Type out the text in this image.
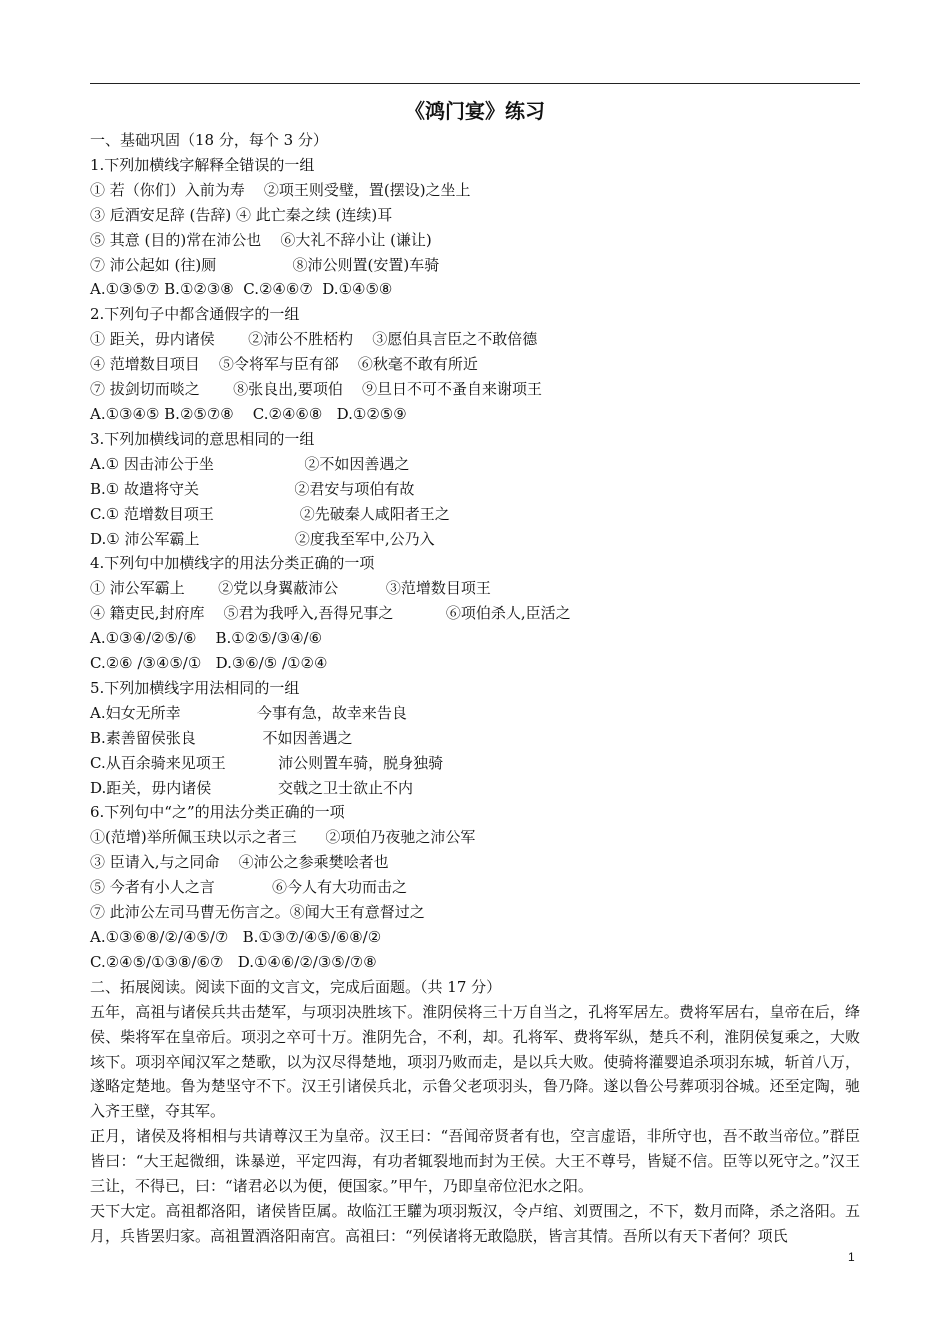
《鸿门宴》练习
一、基础巩固（18 分，每个 3 分）
1.下列加横线字解释全错误的一组
① 若（你们）入前为寿    ②项王则受璧，置(摆设)之坐上
③ 卮酒安足辞 (告辞) ④ 此亡秦之续 (连续)耳
⑤ 其意 (目的)常在沛公也    ⑥大礼不辞小让 (谦让)
⑦ 沛公起如 (往)厕                ⑧沛公则置(安置)车骑
A.①③⑤⑦ B.①②③⑧  C.②④⑥⑦  D.①④⑤⑧
2.下列句子中都含通假字的一组
① 距关，毋内诸侯       ②沛公不胜桮杓    ③愿伯具言臣之不敢倍德
④ 范增数目项目    ⑤令将军与臣有郤    ⑥秋毫不敢有所近
⑦ 拔剑切而啖之       ⑧张良出,要项伯    ⑨旦日不可不蚤自来谢项王
A.①③④⑤ B.②⑤⑦⑧    C.②④⑥⑧   D.①②⑤⑨
3.下列加横线词的意思相同的一组
A.① 因击沛公于坐                   ②不如因善遇之
B.① 故遣将守关                    ②君安与项伯有故
C.① 范增数目项王                  ②先破秦人咸阳者王之
D.① 沛公军霸上                    ②度我至军中,公乃入
4.下列句中加横线字的用法分类正确的一项
① 沛公军霸上       ②党以身翼蔽沛公          ③范增数目项王
④ 籍吏民,封府库    ⑤君为我呼入,吾得兄事之           ⑥项伯杀人,臣活之
A.①③④/②⑤/⑥    B.①②⑤/③④/⑥
C.②⑥ /③④⑤/①   D.③⑥/⑤ /①②④
5.下列加横线字用法相同的一组
A.妇女无所幸                今事有急，故幸来告良
B.素善留侯张良              不如因善遇之
C.从百余骑来见项王           沛公则置车骑，脱身独骑
D.距关，毋内诸侯              交戟之卫士欲止不内
6.下列句中“之”的用法分类正确的一项
①(范增)举所佩玉玦以示之者三      ②项伯乃夜驰之沛公军
③ 臣请入,与之同命    ④沛公之参乘樊哙者也
⑤ 今者有小人之言            ⑥今人有大功而击之
⑦ 此沛公左司马曹无伤言之。⑧闻大王有意督过之
A.①③⑥⑧/②/④⑤/⑦   B.①③⑦/④⑤/⑥⑧/②
C.②④⑤/①③⑧/⑥⑦   D.①④⑥/②/③⑤/⑦⑧
二、拓展阅读。阅读下面的文言文，完成后面题。（共 17 分）
五年，高祖与诸侯兵共击楚军，与项羽决胜垓下。淮阴侯将三十万自当之，孔将军居左。费将军居右，皇帝在后，绛侯、柴将军在皇帝后。项羽之卒可十万。淮阴先合，不利，却。孔将军、费将军纵，楚兵不利，淮阴侯复乘之，大败垓下。项羽卒闻汉军之楚歌，以为汉尽得楚地，项羽乃败而走，是以兵大败。使骑将灌婴追杀项羽东城，斩首八万，遂略定楚地。鲁为楚坚守不下。汉王引诸侯兵北，示鲁父老项羽头，鲁乃降。遂以鲁公号葬项羽谷城。还至定陶，驰入齐王壁，夺其军。
正月，诸侯及将相相与共请尊汉王为皇帝。汉王曰：“吾闻帝贤者有也，空言虚语，非所守也，吾不敢当帝位。”群臣皆曰：“大王起微细，诛暴逆，平定四海，有功者辄裂地而封为王侯。大王不尊号，皆疑不信。臣等以死守之。”汉王三让，不得已，曰：“诸君必以为便，便国家。”甲午，乃即皇帝位汜水之阳。
天下大定。高祖都洛阳，诸侯皆臣属。故临江王驩为项羽叛汉，令卢绾、刘贾围之，不下，数月而降，杀之洛阳。五月，兵皆罢归家。高祖置酒洛阳南宫。高祖曰：“列侯诸将无敢隐朕，皆言其情。吾所以有天下者何？项氏
1
